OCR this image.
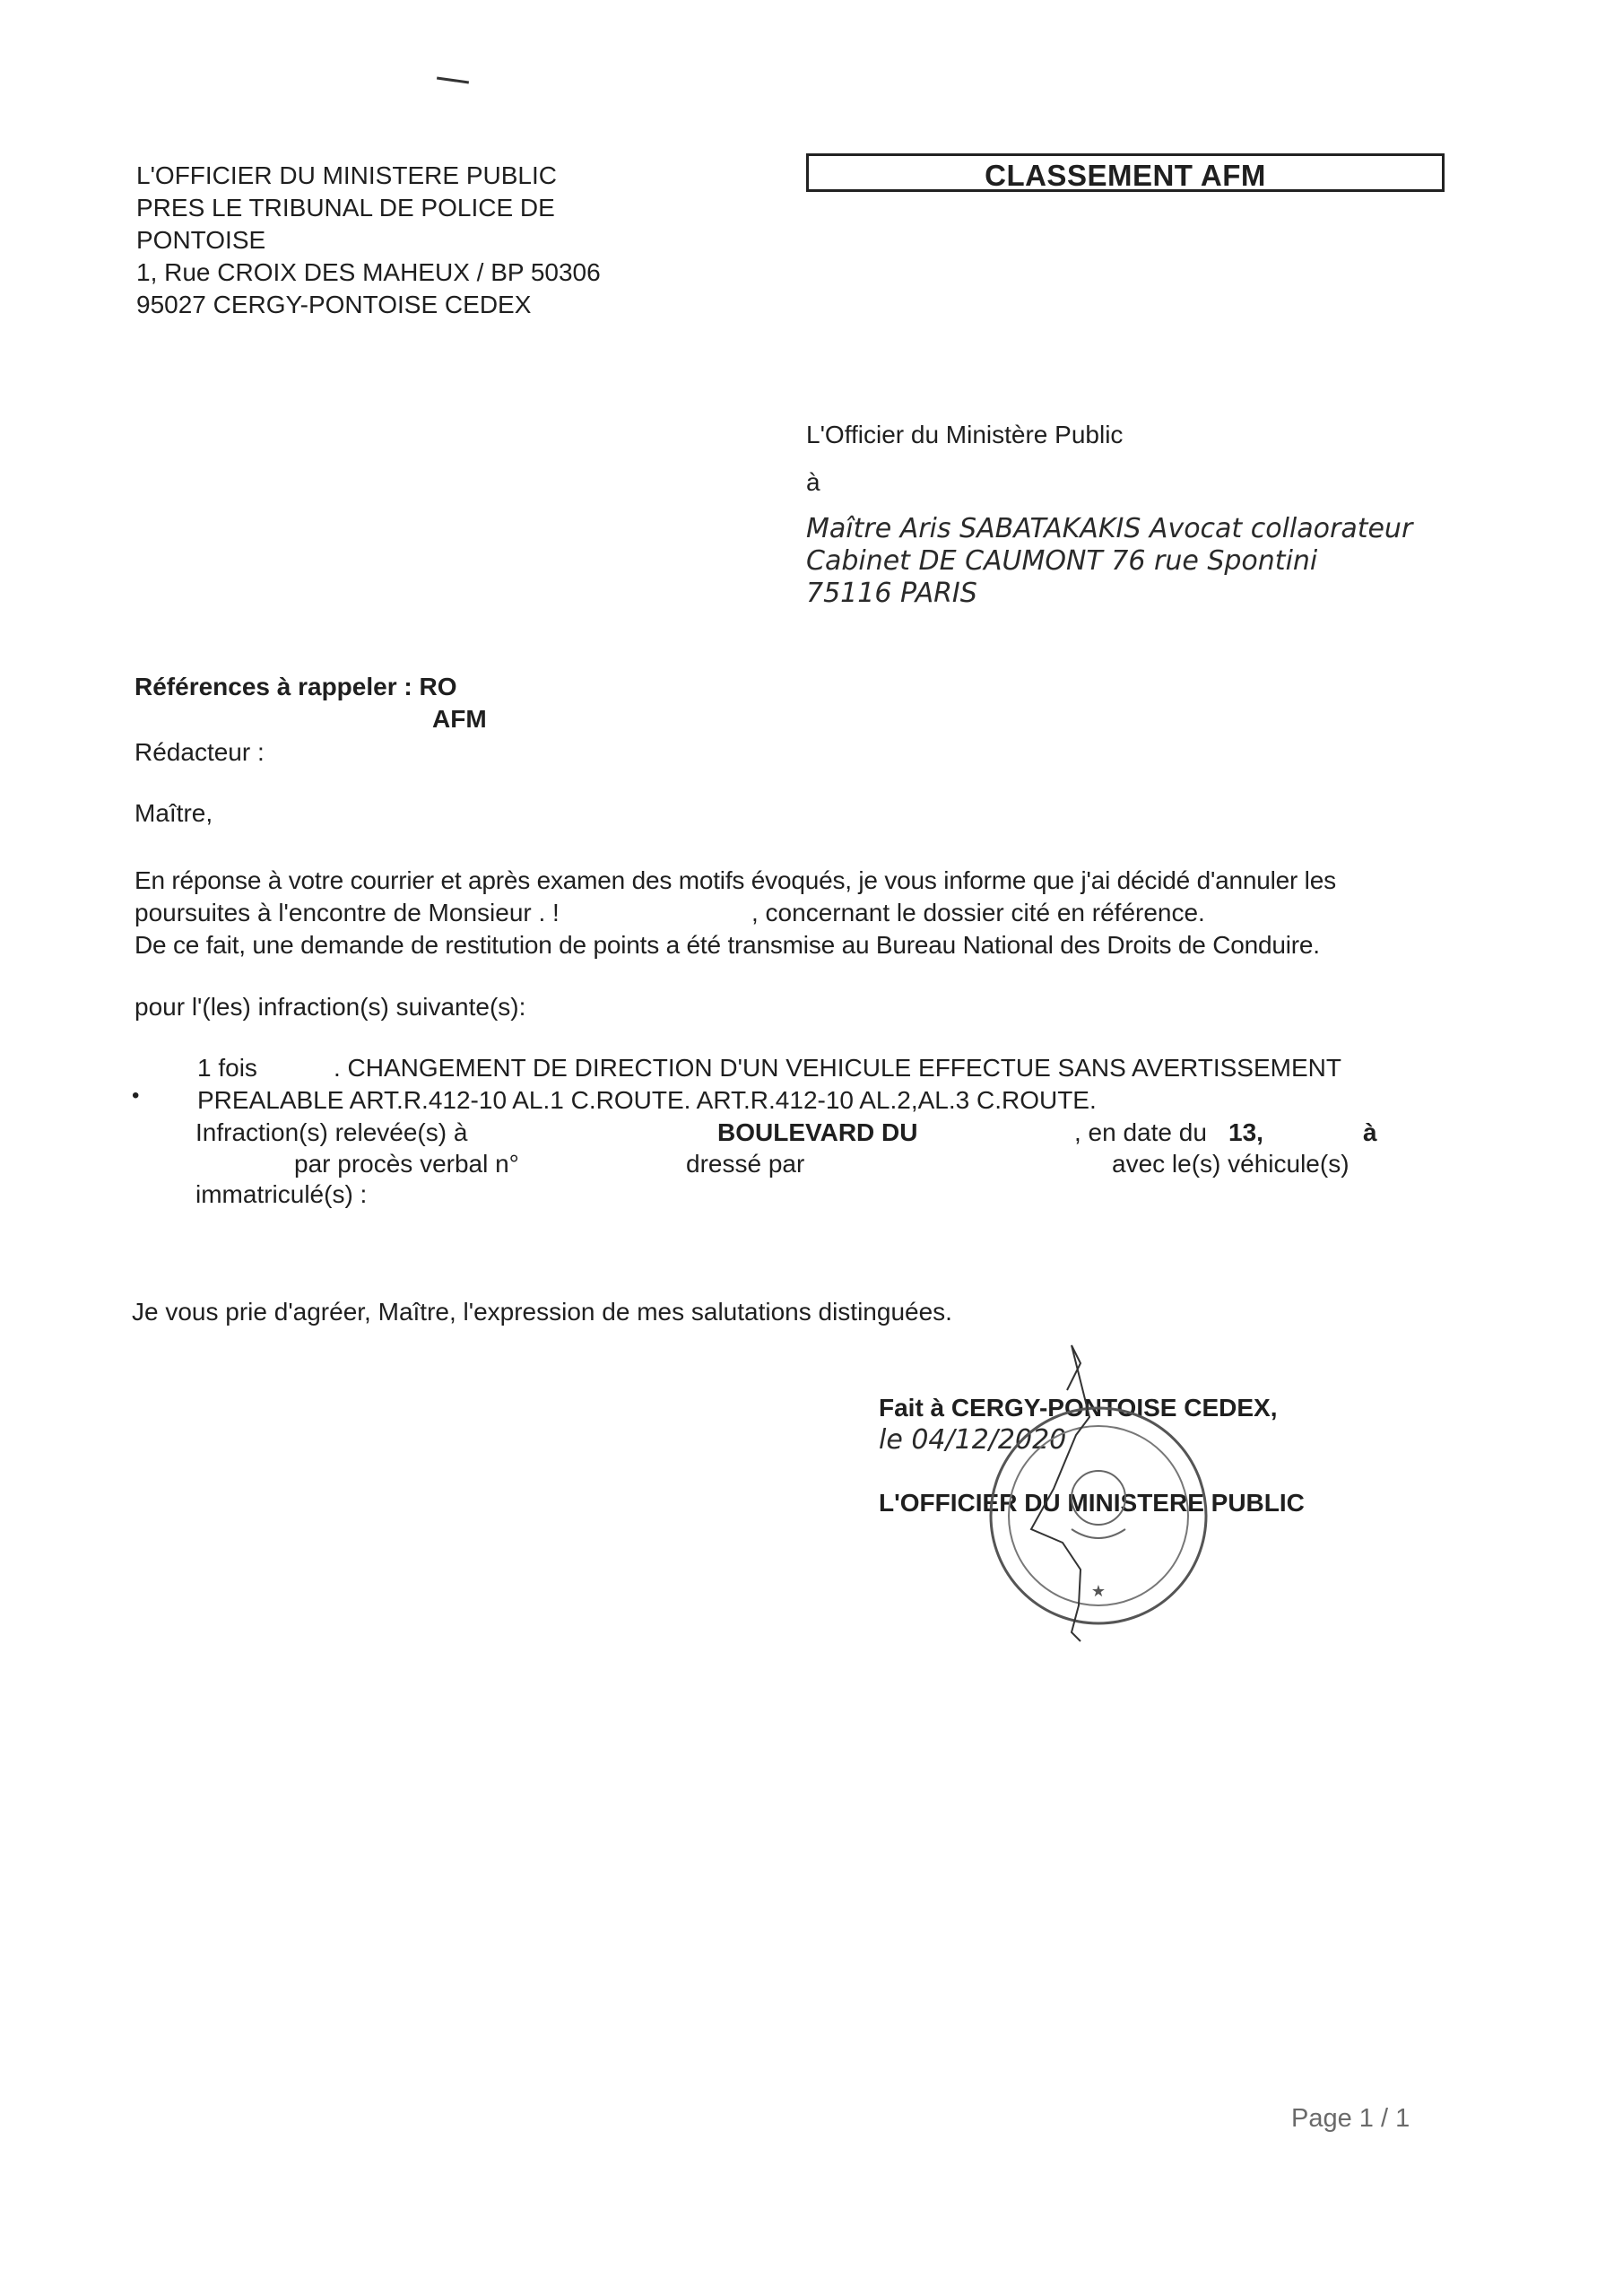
L'OFFICIER DU MINISTERE PUBLIC
PRES LE TRIBUNAL DE POLICE DE
PONTOISE
1, Rue CROIX DES MAHEUX / BP 50306
95027 CERGY-PONTOISE CEDEX
CLASSEMENT AFM
L'Officier du Ministère Public
à
Maître Aris SABATAKAKIS Avocat collaorateur
Cabinet DE CAUMONT 76 rue Spontini
75116 PARIS
Références à rappeler : RO
AFM
Rédacteur :
Maître,
En réponse à votre courrier et après examen des motifs évoqués, je vous informe que j'ai décidé d'annuler les
poursuites à l'encontre de Monsieur . !	, concernant le dossier cité en référence.
De ce fait, une demande de restitution de points a été transmise au Bureau National des Droits de Conduire.
pour l'(les) infraction(s) suivante(s):
1 fois	. CHANGEMENT DE DIRECTION D'UN VEHICULE EFFECTUE SANS AVERTISSEMENT
• PREALABLE ART.R.412-10 AL.1 C.ROUTE. ART.R.412-10 AL.2,AL.3 C.ROUTE.
Infraction(s) relevée(s) à	BOULEVARD DU	, en date du 13,	à
par procès verbal n°	dressé par	avec le(s) véhicule(s)
immatriculé(s) :
Je vous prie d'agréer, Maître, l'expression de mes salutations distinguées.
Fait à CERGY-PONTOISE CEDEX,
le 04/12/2020
L'OFFICIER DU MINISTERE PUBLIC
★
Page 1 / 1
